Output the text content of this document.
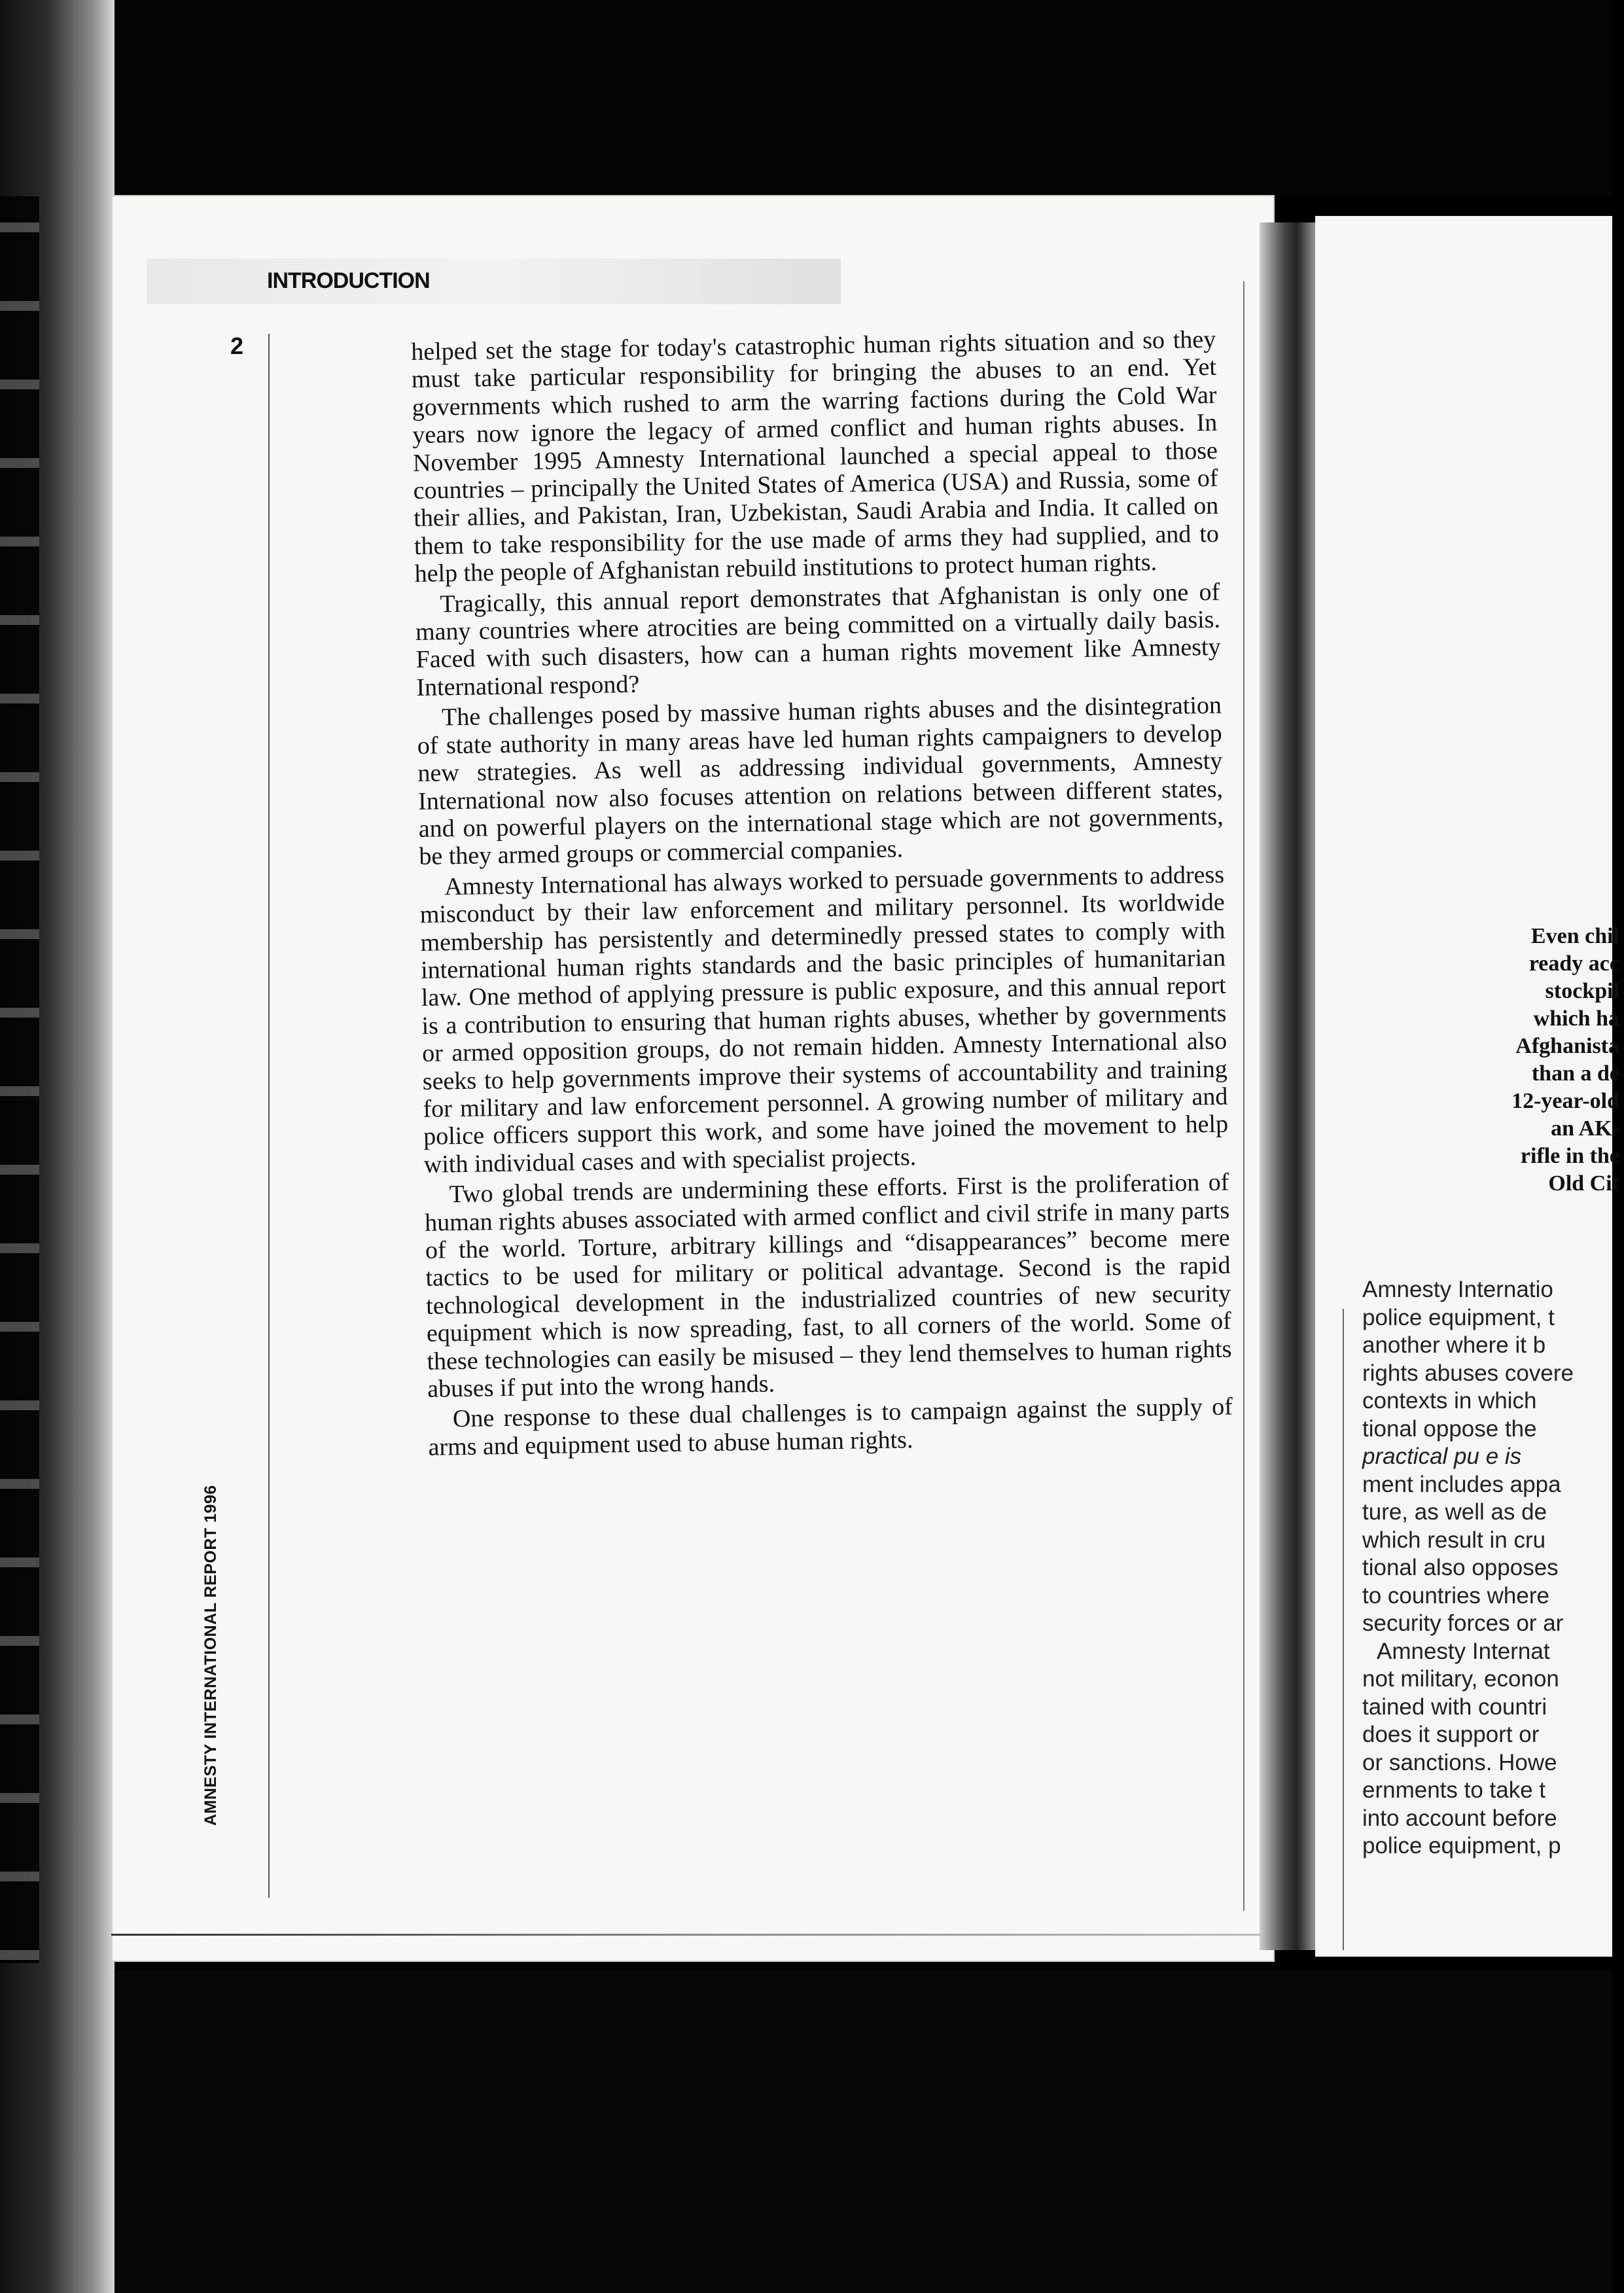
INTRODUCTION
2
AMNESTY INTERNATIONAL REPORT 1996

helped set the stage for today's catastrophic human rights situation and so they must take particular responsibility for bringing the abuses to an end. Yet governments which rushed to arm the warring factions during the Cold War years now ignore the legacy of armed conflict and human rights abuses. In November 1995 Amnesty International launched a special appeal to those countries – principally the United States of America (USA) and Russia, some of their allies, and Pakistan, Iran, Uzbekistan, Saudi Arabia and India. It called on them to take responsibility for the use made of arms they had supplied, and to help the people of Afghanistan rebuild institutions to protect human rights.

Tragically, this annual report demonstrates that Afghanistan is only one of many countries where atrocities are being committed on a virtually daily basis. Faced with such disasters, how can a human rights movement like Amnesty International respond?

The challenges posed by massive human rights abuses and the disintegration of state authority in many areas have led human rights campaigners to develop new strategies. As well as addressing individual governments, Amnesty International now also focuses attention on relations between different states, and on powerful players on the international stage which are not governments, be they armed groups or commercial companies.

Amnesty International has always worked to persuade governments to address misconduct by their law enforcement and military personnel. Its worldwide membership has persistently and determinedly pressed states to comply with international human rights standards and the basic principles of humanitarian law. One method of applying pressure is public exposure, and this annual report is a contribution to ensuring that human rights abuses, whether by governments or armed opposition groups, do not remain hidden. Amnesty International also seeks to help governments improve their systems of accountability and training for military and law enforcement personnel. A growing number of military and police officers support this work, and some have joined the movement to help with individual cases and with specialist projects.

Two global trends are undermining these efforts. First is the proliferation of human rights abuses associated with armed conflict and civil strife in many parts of the world. Torture, arbitrary killings and “disappearances” become mere tactics to be used for military or political advantage. Second is the rapid technological development in the industrialized countries of new security equipment which is now spreading, fast, to all corners of the world. Some of these technologies can easily be misused – they lend themselves to human rights abuses if put into the wrong hands.

One response to these dual challenges is to campaign against the supply of arms and equipment used to abuse human rights.

Even chil
ready acc
stockpil
which ha
Afghanista
than a de
12-year-old
an AK-
rifle in the
Old Cit
Amnesty Internatio
police equipment, t
another where it b
rights abuses covere
contexts in which
tional oppose the
practical pu e is
ment includes appa
ture, as well as de
which result in cru
tional also opposes
to countries where
security forces or ar
Amnesty Internat
not military, econon
tained with countri
does it support or
or sanctions. Howe
ernments to take t
into account before
police equipment, p
